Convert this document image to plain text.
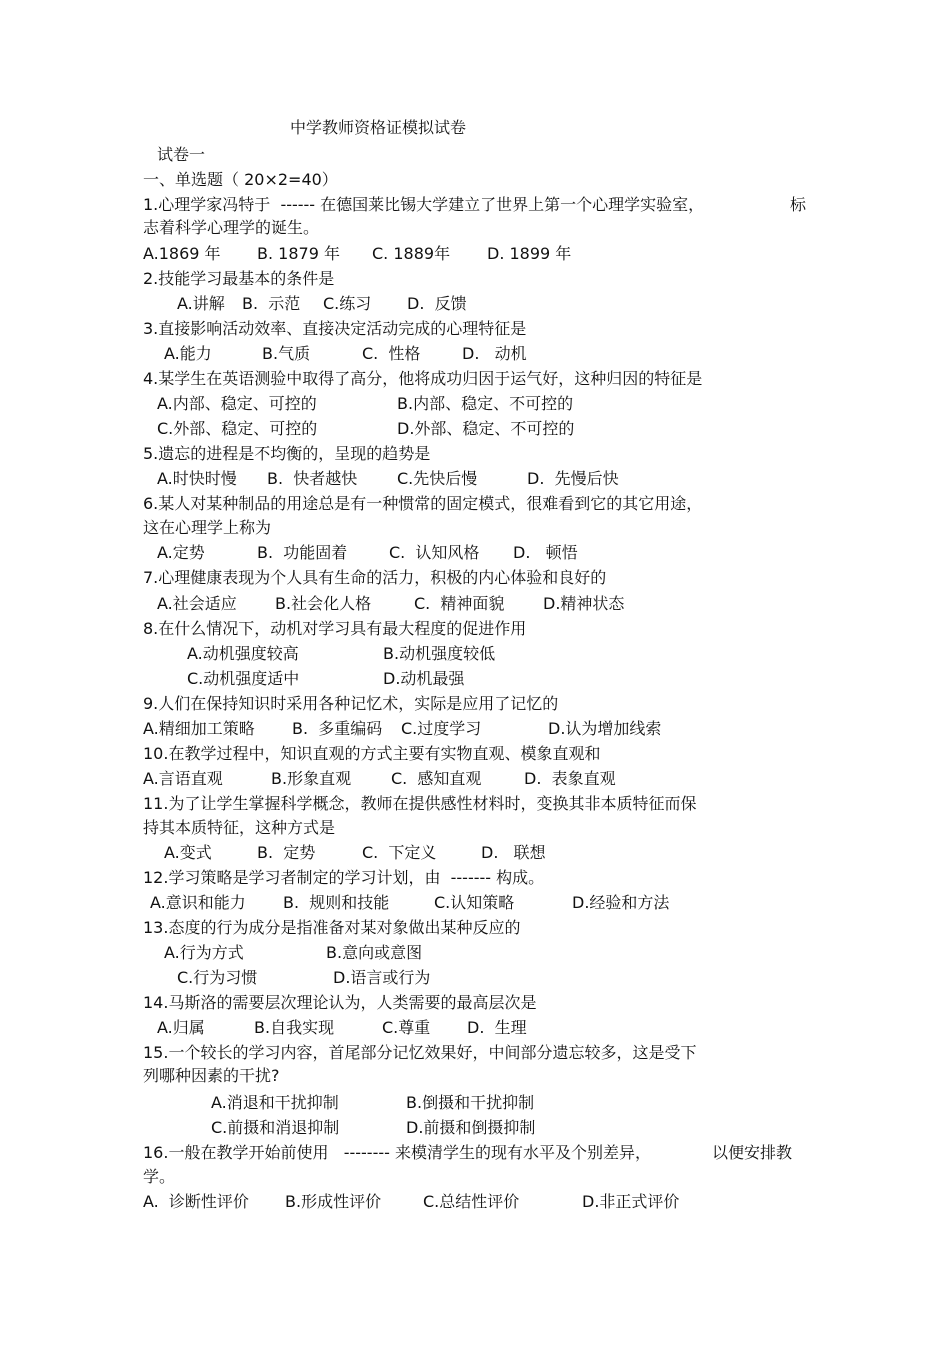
中学教师资格证模拟试卷

试卷一

一、单选题（ 20×2=40）

1.心理学家冯特于  ------ 在德国莱比锡大学建立了世界上第一个心理学实验室，	标

志着科学心理学的诞生。

A.1869 年 B. 1879 年 C. 1889年 D. 1899 年

2.技能学习最基本的条件是

A.讲解 B.  示范 C.练习 D.  反馈

3.直接影响活动效率、直接决定活动完成的心理特征是

A.能力	B.气质	C.  性格	D.   动机

4.某学生在英语测验中取得了高分，他将成功归因于运气好，这种归因的特征是

A.内部、稳定、可控的	B.内部、稳定、不可控的

C.外部、稳定、可控的	D.外部、稳定、不可控的

5.遗忘的进程是不均衡的，呈现的趋势是

A.时快时慢 B.  快者越快 C.先快后慢	D.  先慢后快

6.某人对某种制品的用途总是有一种惯常的固定模式，很难看到它的其它用途，

这在心理学上称为

A.定势	B.  功能固着	C.  认知风格 D.   顿悟

7.心理健康表现为个人具有生命的活力，积极的内心体验和良好的

A.社会适应 B.社会化人格	C.  精神面貌 D.精神状态

8.在什么情况下，动机对学习具有最大程度的促进作用

A.动机强度较高	B.动机强度较低

C.动机强度适中	D.动机最强

9.人们在保持知识时采用各种记忆术，实际是应用了记忆的

A.精细加工策略 B.  多重编码 C.过度学习	D.认为增加线索

10.在教学过程中，知识直观的方式主要有实物直观、模象直观和

A.言语直观	B.形象直观 C.  感知直观	D.  表象直观

11.为了让学生掌握科学概念，教师在提供感性材料时，变换其非本质特征而保

持其本质特征，这种方式是

A.变式	B.  定势	C.  下定义	D.   联想

12.学习策略是学习者制定的学习计划，由  ------- 构成。

A.意识和能力 B.  规则和技能	C.认知策略	D.经验和方法

13.态度的行为成分是指准备对某对象做出某种反应的

A.行为方式	B.意向或意图

C.行为习惯	D.语言或行为

14.马斯洛的需要层次理论认为，人类需要的最高层次是

A.归属	B.自我实现	C.尊重 D.  生理

15.一个较长的学习内容，首尾部分记忆效果好，中间部分遗忘较多，这是受下

列哪种因素的干扰?

A.消退和干扰抑制	B.倒摄和干扰抑制

C.前摄和消退抑制	D.前摄和倒摄抑制

16.一般在教学开始前使用   -------- 来模清学生的现有水平及个别差异，	以便安排教

学。

A.  诊断性评价 B.形成性评价	C.总结性评价	D.非正式评价
